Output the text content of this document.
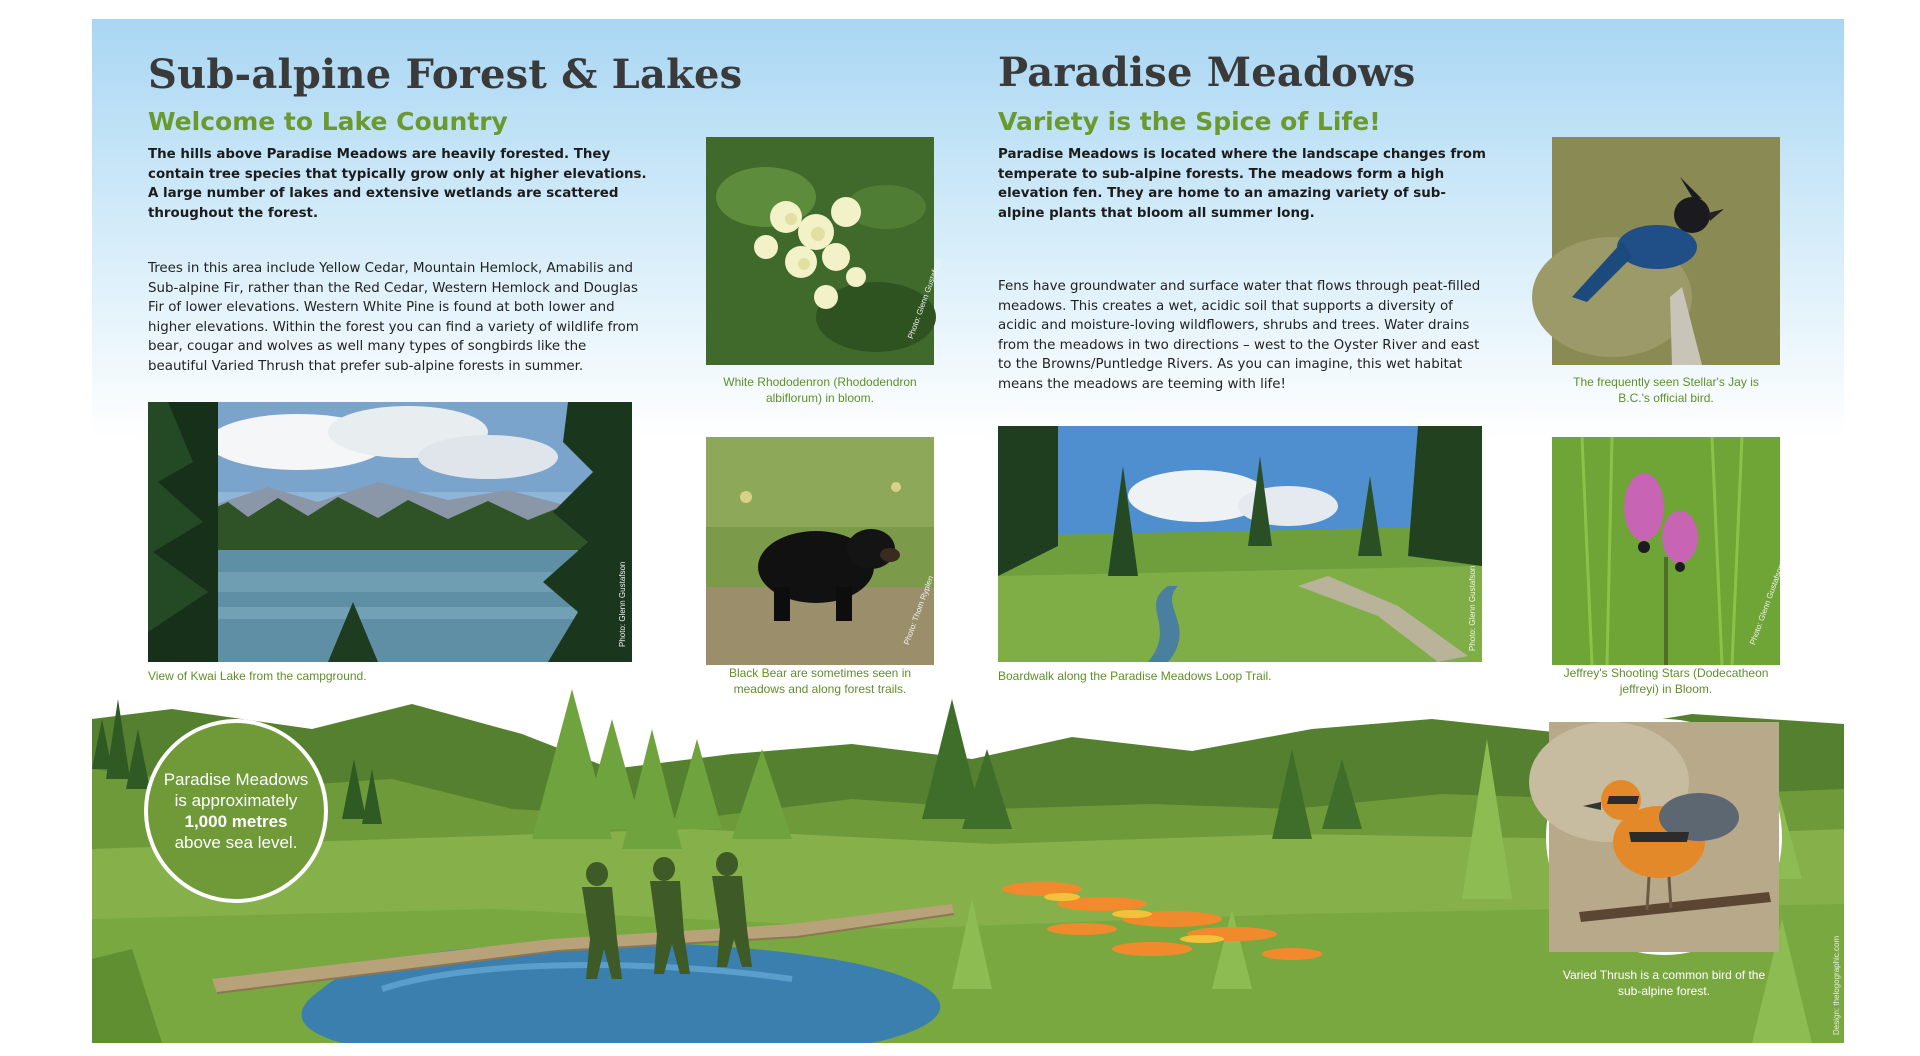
Sub-alpine Forest & Lakes
Welcome to Lake Country

The hills above Paradise Meadows are heavily forested. They contain tree species that typically grow only at higher elevations. A large number of lakes and extensive wetlands are scattered throughout the forest.

Trees in this area include Yellow Cedar, Mountain Hemlock, Amabilis and Sub-alpine Fir, rather than the Red Cedar, Western Hemlock and Douglas Fir of lower elevations. Western White Pine is found at both lower and higher elevations. Within the forest you can find a variety of wildlife from bear, cougar and wolves as well many types of songbirds like the beautiful Varied Thrush that prefer sub-alpine forests in summer.

Photo: Glenn Gustafson
View of Kwai Lake from the campground.
Photo: Glenn Gustafson
White Rhododenron (Rhododendron albiflorum) in bloom.
Photo: Thom Ryplen
Black Bear are sometimes seen in meadows and along forest trails.
Paradise Meadows
Variety is the Spice of Life!

Paradise Meadows is located where the landscape changes from temperate to sub-alpine forests. The meadows form a high elevation fen. They are home to an amazing variety of sub-alpine plants that bloom all summer long.

Fens have groundwater and surface water that flows through peat-filled meadows. This creates a wet, acidic soil that supports a diversity of acidic and moisture-loving wildflowers, shrubs and trees. Water drains from the meadows in two directions – west to the Oyster River and east to the Browns/Puntledge Rivers. As you can imagine, this wet habitat means the meadows are teeming with life!

Photo: Glenn Gustafson
Boardwalk along the Paradise Meadows Loop Trail.
The frequently seen Stellar's Jay is B.C.'s official bird.
Photo: Glenn Gustafson
Jeffrey's Shooting Stars (Dodecatheon jeffreyi) in Bloom.
Paradise Meadows is approximately
1,000 metres
above sea level.
Varied Thrush is a common bird of the sub-alpine forest.	Design: thelogographic.com
